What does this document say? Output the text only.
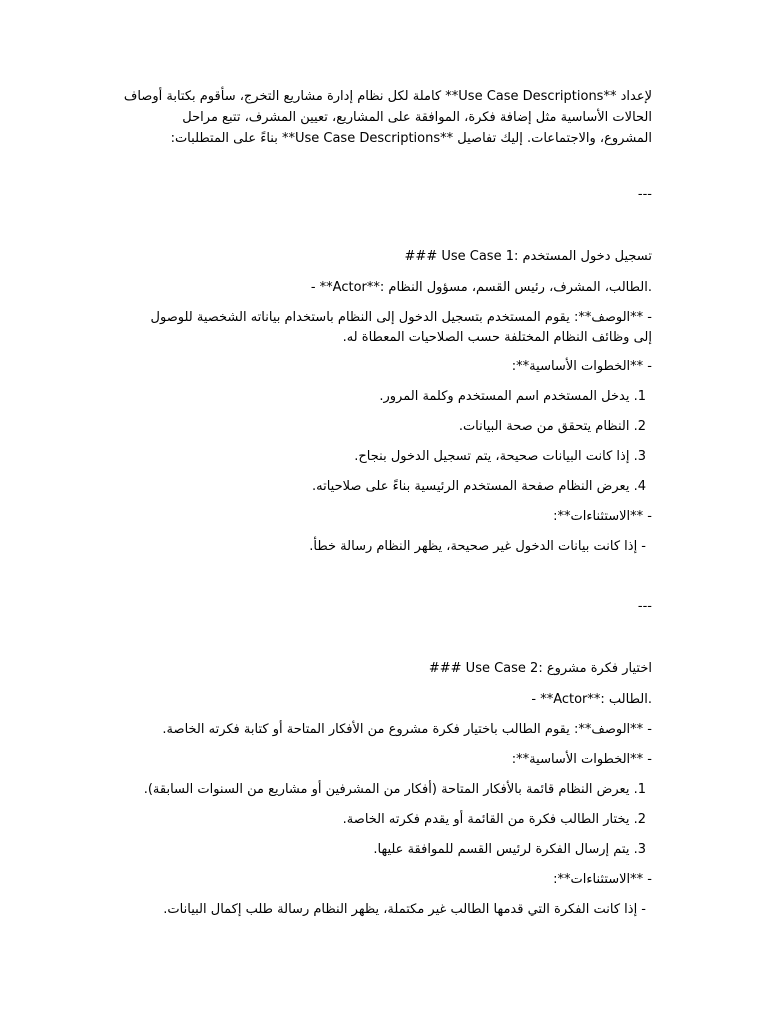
لإعداد **Use Case Descriptions** كاملة لكل نظام إدارة مشاريع التخرج، سأقوم بكتابة أوصاف
الحالات الأساسية مثل إضافة فكرة، الموافقة على المشاريع، تعيين المشرف، تتبع مراحل
المشروع، والاجتماعات. إليك تفاصيل **Use Case Descriptions** بناءً على المتطلبات:
---
### Use Case 1: تسجيل دخول المستخدم
- **Actor**: الطالب، المشرف، رئيس القسم، مسؤول النظام.
- **الوصف**: يقوم المستخدم بتسجيل الدخول إلى النظام باستخدام بياناته الشخصية للوصول
إلى وظائف النظام المختلفة حسب الصلاحيات المعطاة له.
- **الخطوات الأساسية**:
1. يدخل المستخدم اسم المستخدم وكلمة المرور.
2. النظام يتحقق من صحة البيانات.
3. إذا كانت البيانات صحيحة، يتم تسجيل الدخول بنجاح.
4. يعرض النظام صفحة المستخدم الرئيسية بناءً على صلاحياته.
- **الاستثناءات**:
- إذا كانت بيانات الدخول غير صحيحة، يظهر النظام رسالة خطأ.
---
### Use Case 2: اختيار فكرة مشروع
- **Actor**: الطالب.
- **الوصف**: يقوم الطالب باختيار فكرة مشروع من الأفكار المتاحة أو كتابة فكرته الخاصة.
- **الخطوات الأساسية**:
1. يعرض النظام قائمة بالأفكار المتاحة (أفكار من المشرفين أو مشاريع من السنوات السابقة).
2. يختار الطالب فكرة من القائمة أو يقدم فكرته الخاصة.
3. يتم إرسال الفكرة لرئيس القسم للموافقة عليها.
- **الاستثناءات**:
- إذا كانت الفكرة التي قدمها الطالب غير مكتملة، يظهر النظام رسالة طلب إكمال البيانات.
